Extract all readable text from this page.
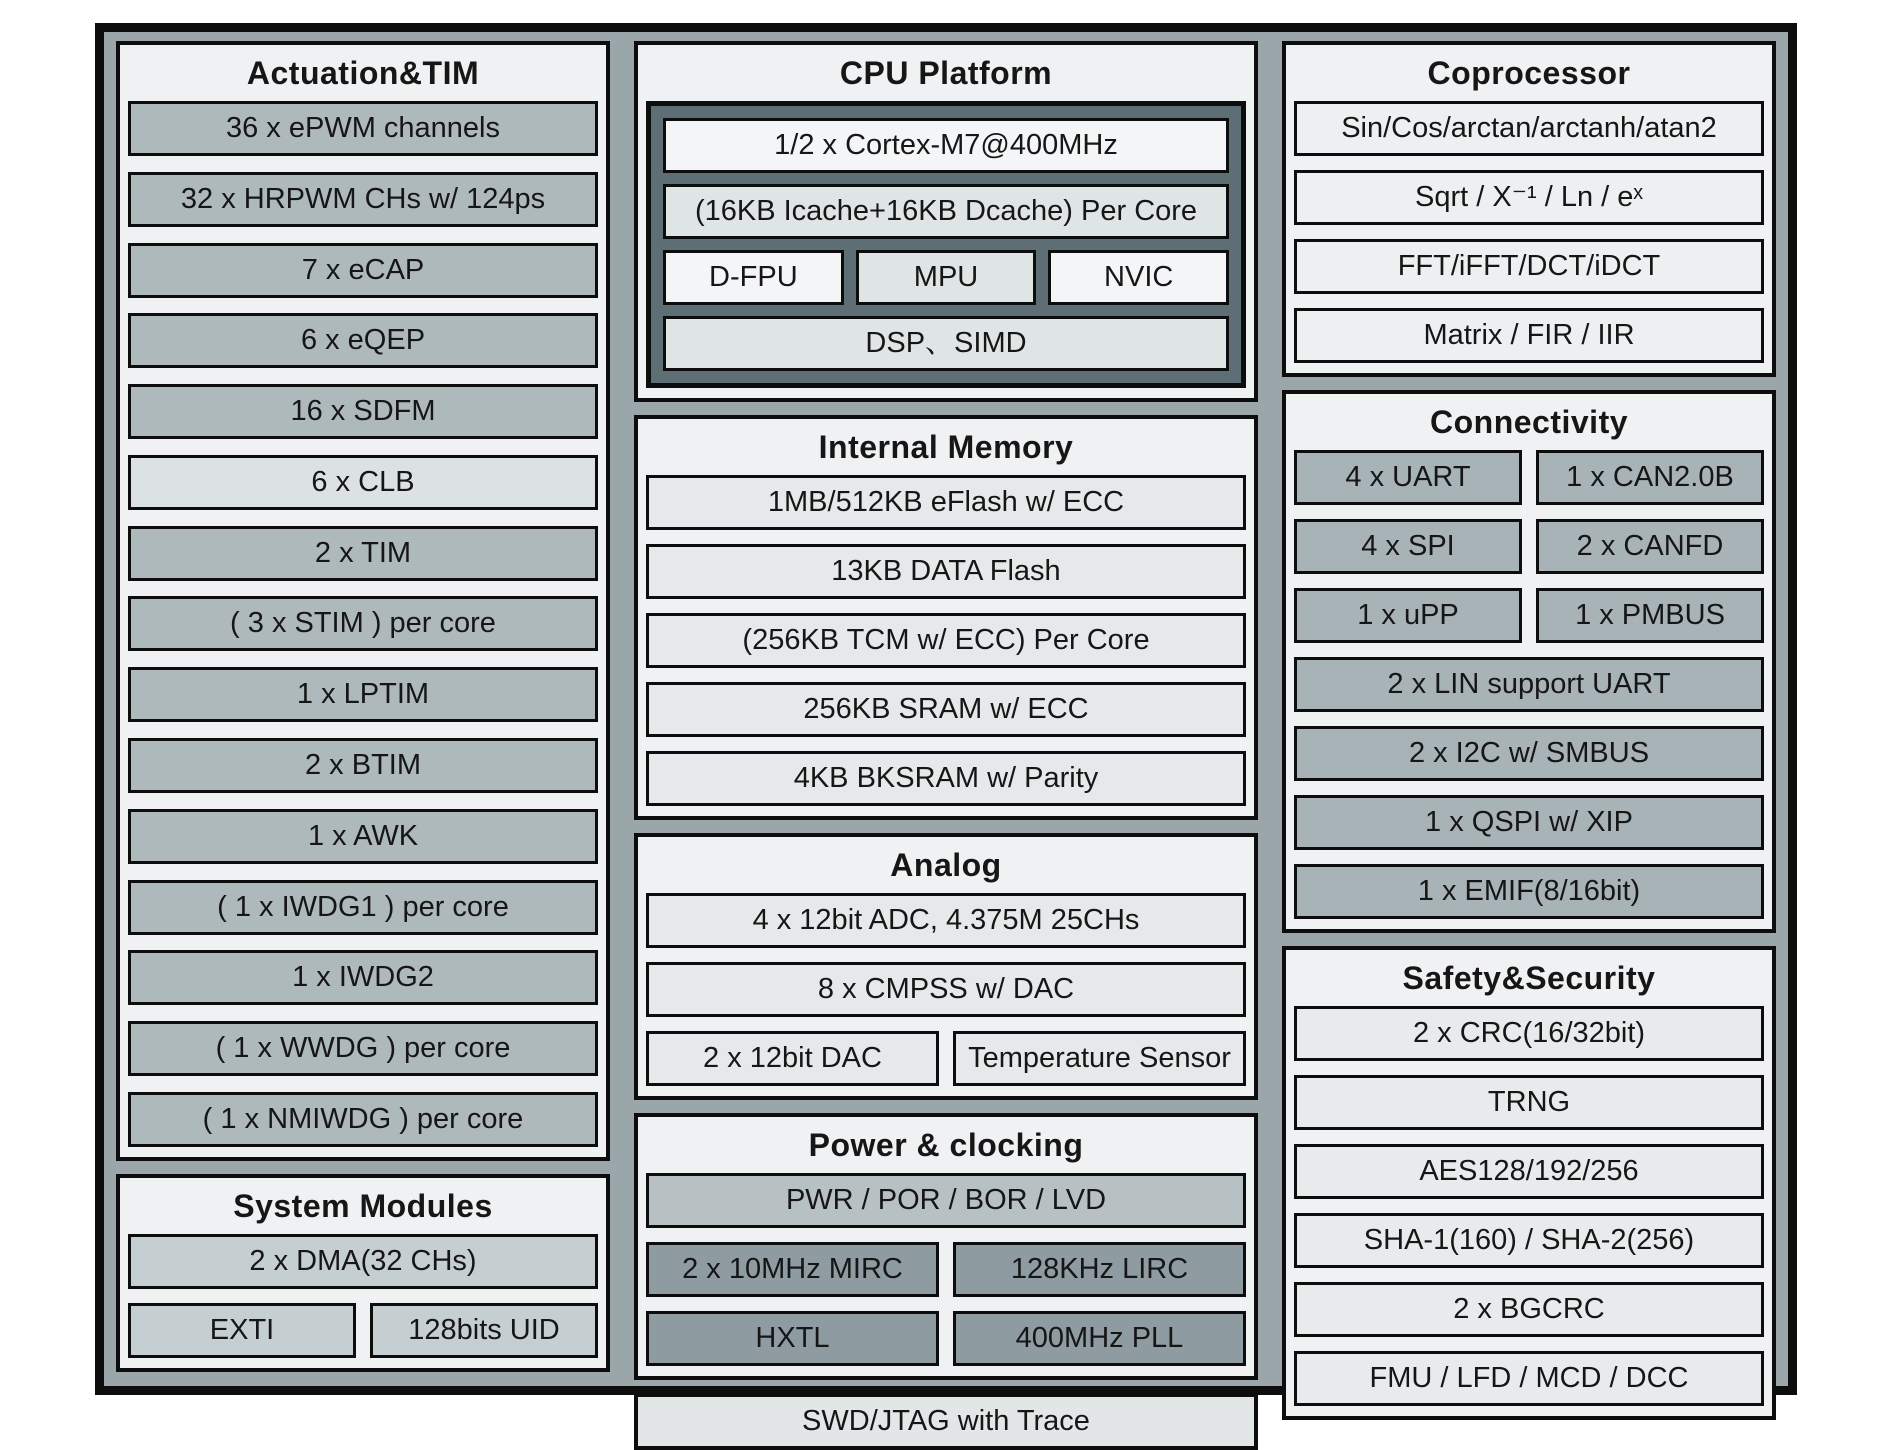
Actuation&TIM
36 x ePWM channels
32 x HRPWM CHs w/ 124ps
7 x eCAP
6 x eQEP
16 x SDFM
6 x CLB
2 x TIM
( 3 x STIM ) per core
1 x LPTIM
2 x BTIM
1 x AWK
( 1 x IWDG1 ) per core
1 x IWDG2
( 1 x WWDG ) per core
( 1 x NMIWDG ) per core
System Modules
2 x DMA(32 CHs)
EXTI	128bits UID
CPU Platform
1/2 x Cortex-M7@400MHz
(16KB Icache+16KB Dcache) Per Core
D-FPU	MPU	NVIC
DSP、SIMD
Internal Memory
1MB/512KB eFlash w/ ECC
13KB DATA Flash
(256KB TCM w/ ECC) Per Core
256KB SRAM w/ ECC
4KB BKSRAM w/ Parity
Analog
4 x 12bit ADC, 4.375M 25CHs
8 x CMPSS w/ DAC
2 x 12bit DAC	Temperature Sensor
Power & clocking
PWR / POR / BOR / LVD
2 x 10MHz MIRC	128KHz LIRC
HXTL	400MHz PLL
SWD/JTAG with Trace
Coprocessor
Sin/Cos/arctan/arctanh/atan2
Sqrt / X⁻¹ / Ln / eˣ
FFT/iFFT/DCT/iDCT
Matrix / FIR / IIR
Connectivity
4 x UART	1 x CAN2.0B
4 x SPI	2 x CANFD
1 x uPP	1 x PMBUS
2 x LIN support UART
2 x I2C w/ SMBUS
1 x QSPI w/ XIP
1 x EMIF(8/16bit)
Safety&Security
2 x CRC(16/32bit)
TRNG
AES128/192/256
SHA-1(160) / SHA-2(256)
2 x BGCRC
FMU / LFD / MCD / DCC
